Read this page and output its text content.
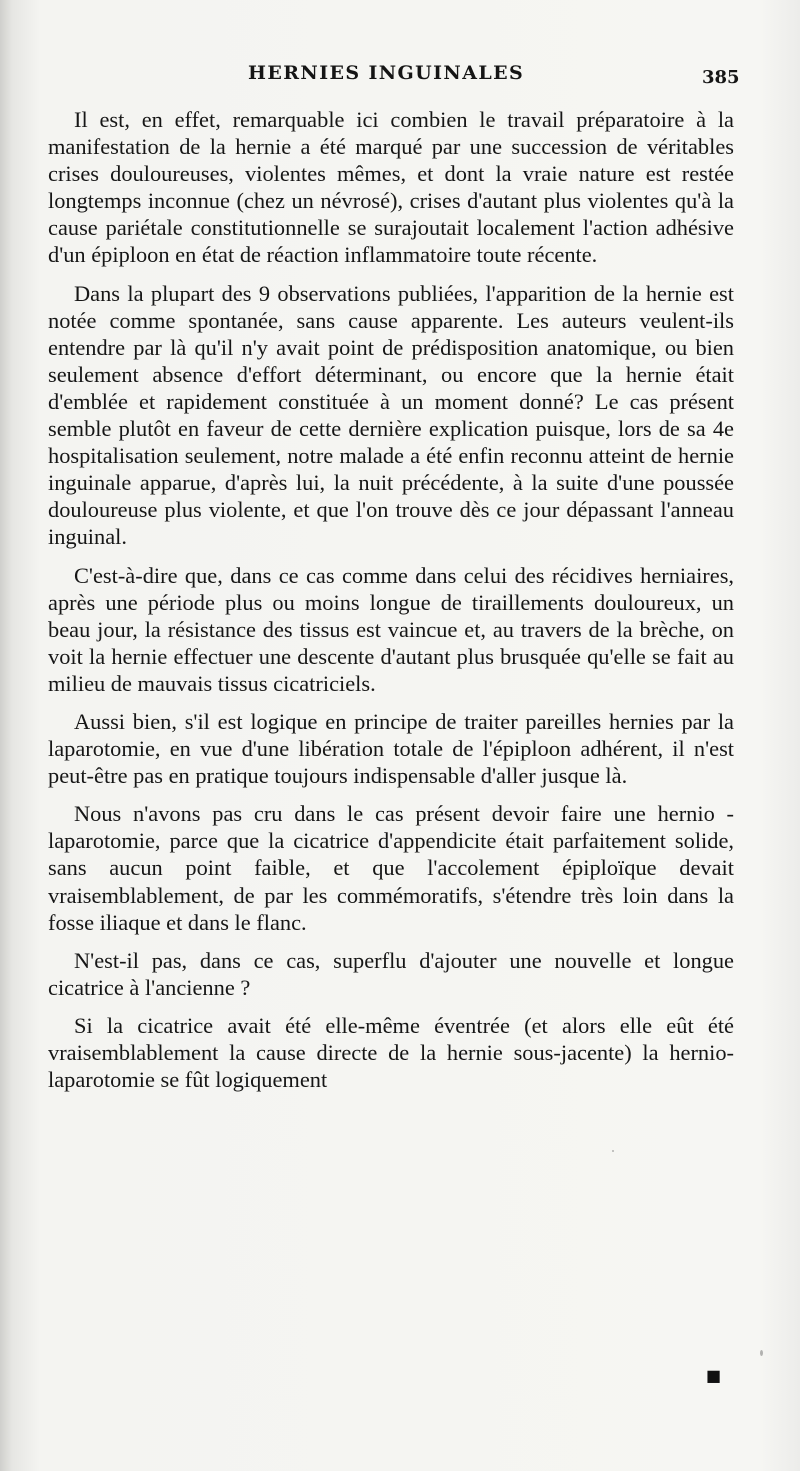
HERNIES INGUINALES	385

Il est, en effet, remarquable ici combien le travail préparatoire à la manifestation de la hernie a été marqué par une succession de véritables crises douloureuses, violentes mêmes, et dont la vraie nature est restée longtemps inconnue (chez un névrosé), crises d'autant plus violentes qu'à la cause pariétale constitutionnelle se surajoutait localement l'action adhésive d'un épiploon en état de réaction inflammatoire toute récente.

Dans la plupart des 9 observations publiées, l'apparition de la hernie est notée comme spontanée, sans cause apparente. Les auteurs veulent-ils entendre par là qu'il n'y avait point de prédisposition anatomique, ou bien seulement absence d'effort déterminant, ou encore que la hernie était d'emblée et rapidement constituée à un moment donné? Le cas présent semble plutôt en faveur de cette dernière explication puisque, lors de sa 4e hospitalisation seulement, notre malade a été enfin reconnu atteint de hernie inguinale apparue, d'après lui, la nuit précédente, à la suite d'une poussée douloureuse plus violente, et que l'on trouve dès ce jour dépassant l'anneau inguinal.

C'est-à-dire que, dans ce cas comme dans celui des récidives herniaires, après une période plus ou moins longue de tiraillements douloureux, un beau jour, la résistance des tissus est vaincue et, au travers de la brèche, on voit la hernie effectuer une descente d'autant plus brusquée qu'elle se fait au milieu de mauvais tissus cicatriciels.

Aussi bien, s'il est logique en principe de traiter pareilles hernies par la laparotomie, en vue d'une libération totale de l'épiploon adhérent, il n'est peut-être pas en pratique toujours indispensable d'aller jusque là.

Nous n'avons pas cru dans le cas présent devoir faire une hernio - laparotomie, parce que la cicatrice d'appendicite était parfaitement solide, sans aucun point faible, et que l'accolement épiploïque devait vraisemblablement, de par les commémoratifs, s'étendre très loin dans la fosse iliaque et dans le flanc.

N'est-il pas, dans ce cas, superflu d'ajouter une nouvelle et longue cicatrice à l'ancienne ?

Si la cicatrice avait été elle-même éventrée (et alors elle eût été vraisemblablement la cause directe de la hernie sous-jacente) la hernio-laparotomie se fût logiquement

■
